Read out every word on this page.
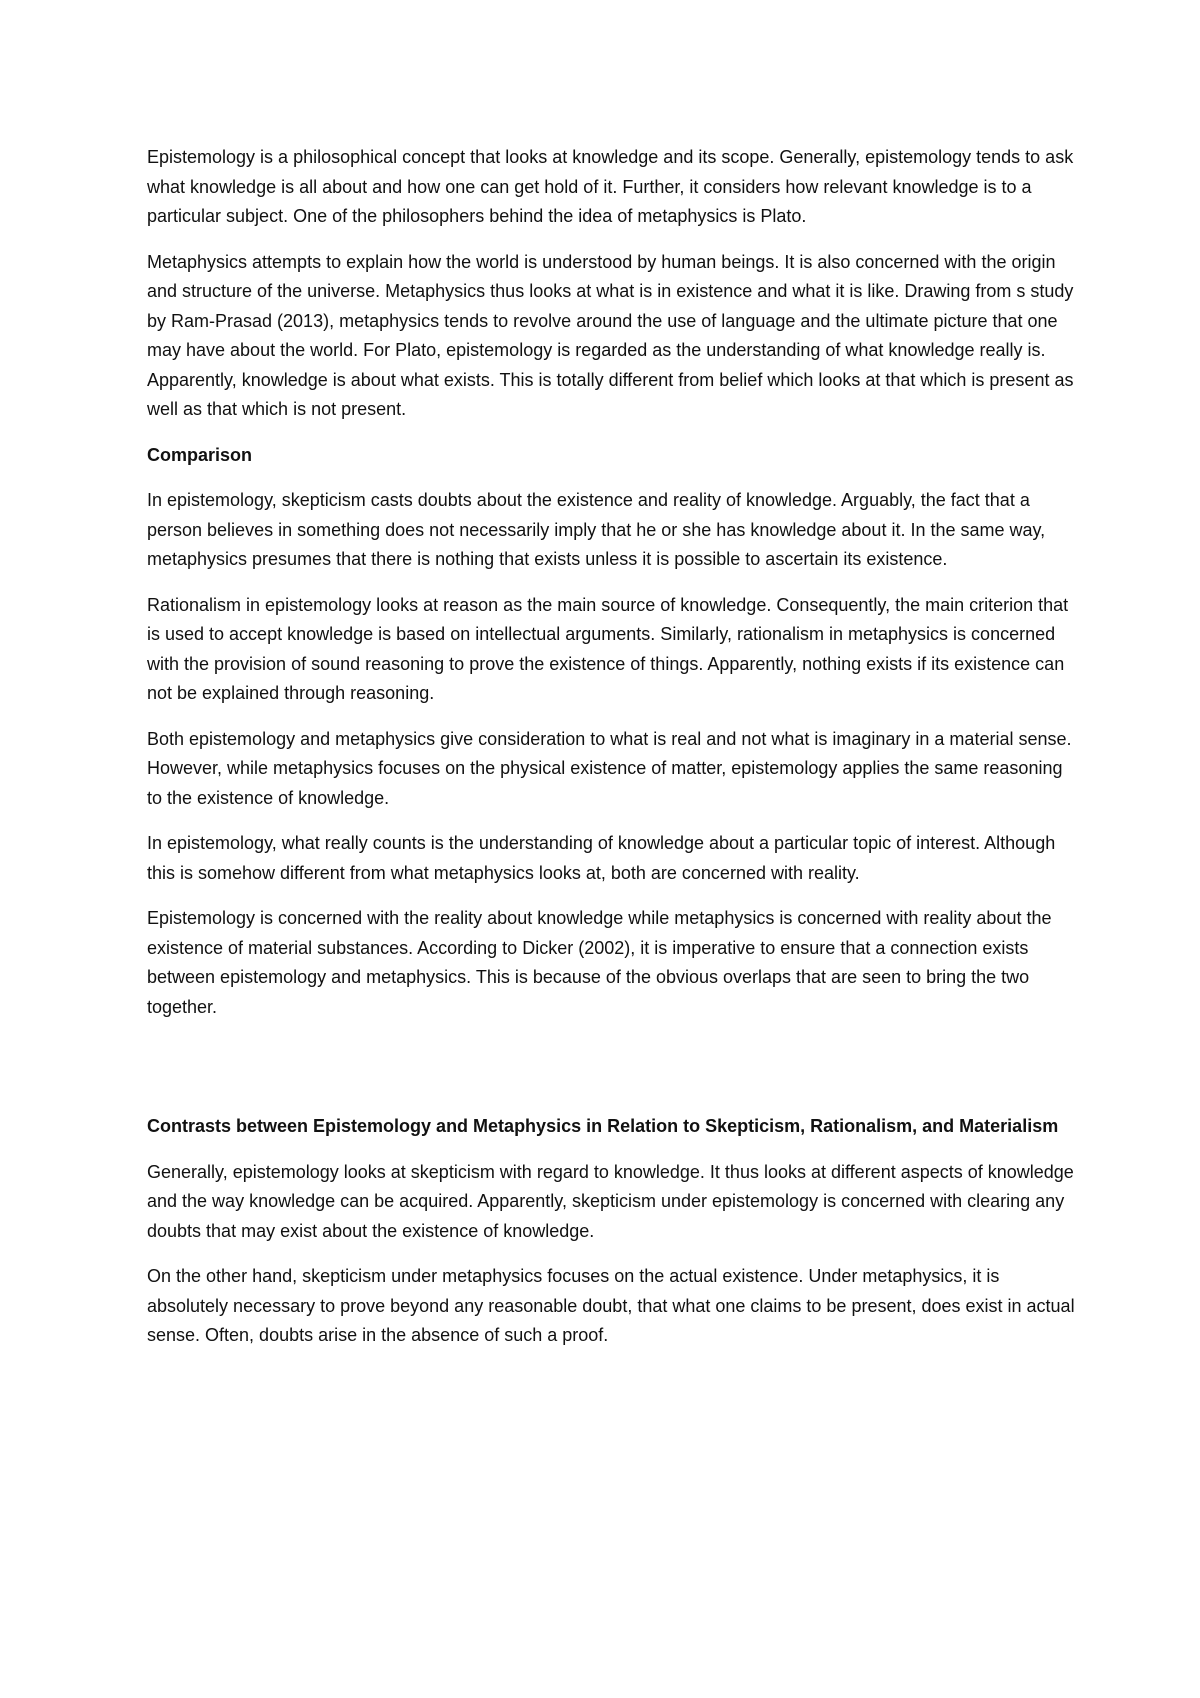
Epistemology is a philosophical concept that looks at knowledge and its scope. Generally, epistemology tends to ask what knowledge is all about and how one can get hold of it. Further, it considers how relevant knowledge is to a particular subject. One of the philosophers behind the idea of metaphysics is Plato.

Metaphysics attempts to explain how the world is understood by human beings. It is also concerned with the origin and structure of the universe. Metaphysics thus looks at what is in existence and what it is like. Drawing from s study by Ram-Prasad (2013), metaphysics tends to revolve around the use of language and the ultimate picture that one may have about the world. For Plato, epistemology is regarded as the understanding of what knowledge really is. Apparently, knowledge is about what exists. This is totally different from belief which looks at that which is present as well as that which is not present.

Comparison

In epistemology, skepticism casts doubts about the existence and reality of knowledge. Arguably, the fact that a person believes in something does not necessarily imply that he or she has knowledge about it. In the same way, metaphysics presumes that there is nothing that exists unless it is possible to ascertain its existence.

Rationalism in epistemology looks at reason as the main source of knowledge. Consequently, the main criterion that is used to accept knowledge is based on intellectual arguments. Similarly, rationalism in metaphysics is concerned with the provision of sound reasoning to prove the existence of things. Apparently, nothing exists if its existence can not be explained through reasoning.

Both epistemology and metaphysics give consideration to what is real and not what is imaginary in a material sense. However, while metaphysics focuses on the physical existence of matter, epistemology applies the same reasoning to the existence of knowledge.

In epistemology, what really counts is the understanding of knowledge about a particular topic of interest. Although this is somehow different from what metaphysics looks at, both are concerned with reality.

Epistemology is concerned with the reality about knowledge while metaphysics is concerned with reality about the existence of material substances. According to Dicker (2002), it is imperative to ensure that a connection exists between epistemology and metaphysics. This is because of the obvious overlaps that are seen to bring the two together.

Contrasts between Epistemology and Metaphysics in Relation to Skepticism, Rationalism, and Materialism

Generally, epistemology looks at skepticism with regard to knowledge. It thus looks at different aspects of knowledge and the way knowledge can be acquired. Apparently, skepticism under epistemology is concerned with clearing any doubts that may exist about the existence of knowledge.

On the other hand, skepticism under metaphysics focuses on the actual existence. Under metaphysics, it is absolutely necessary to prove beyond any reasonable doubt, that what one claims to be present, does exist in actual sense. Often, doubts arise in the absence of such a proof.
